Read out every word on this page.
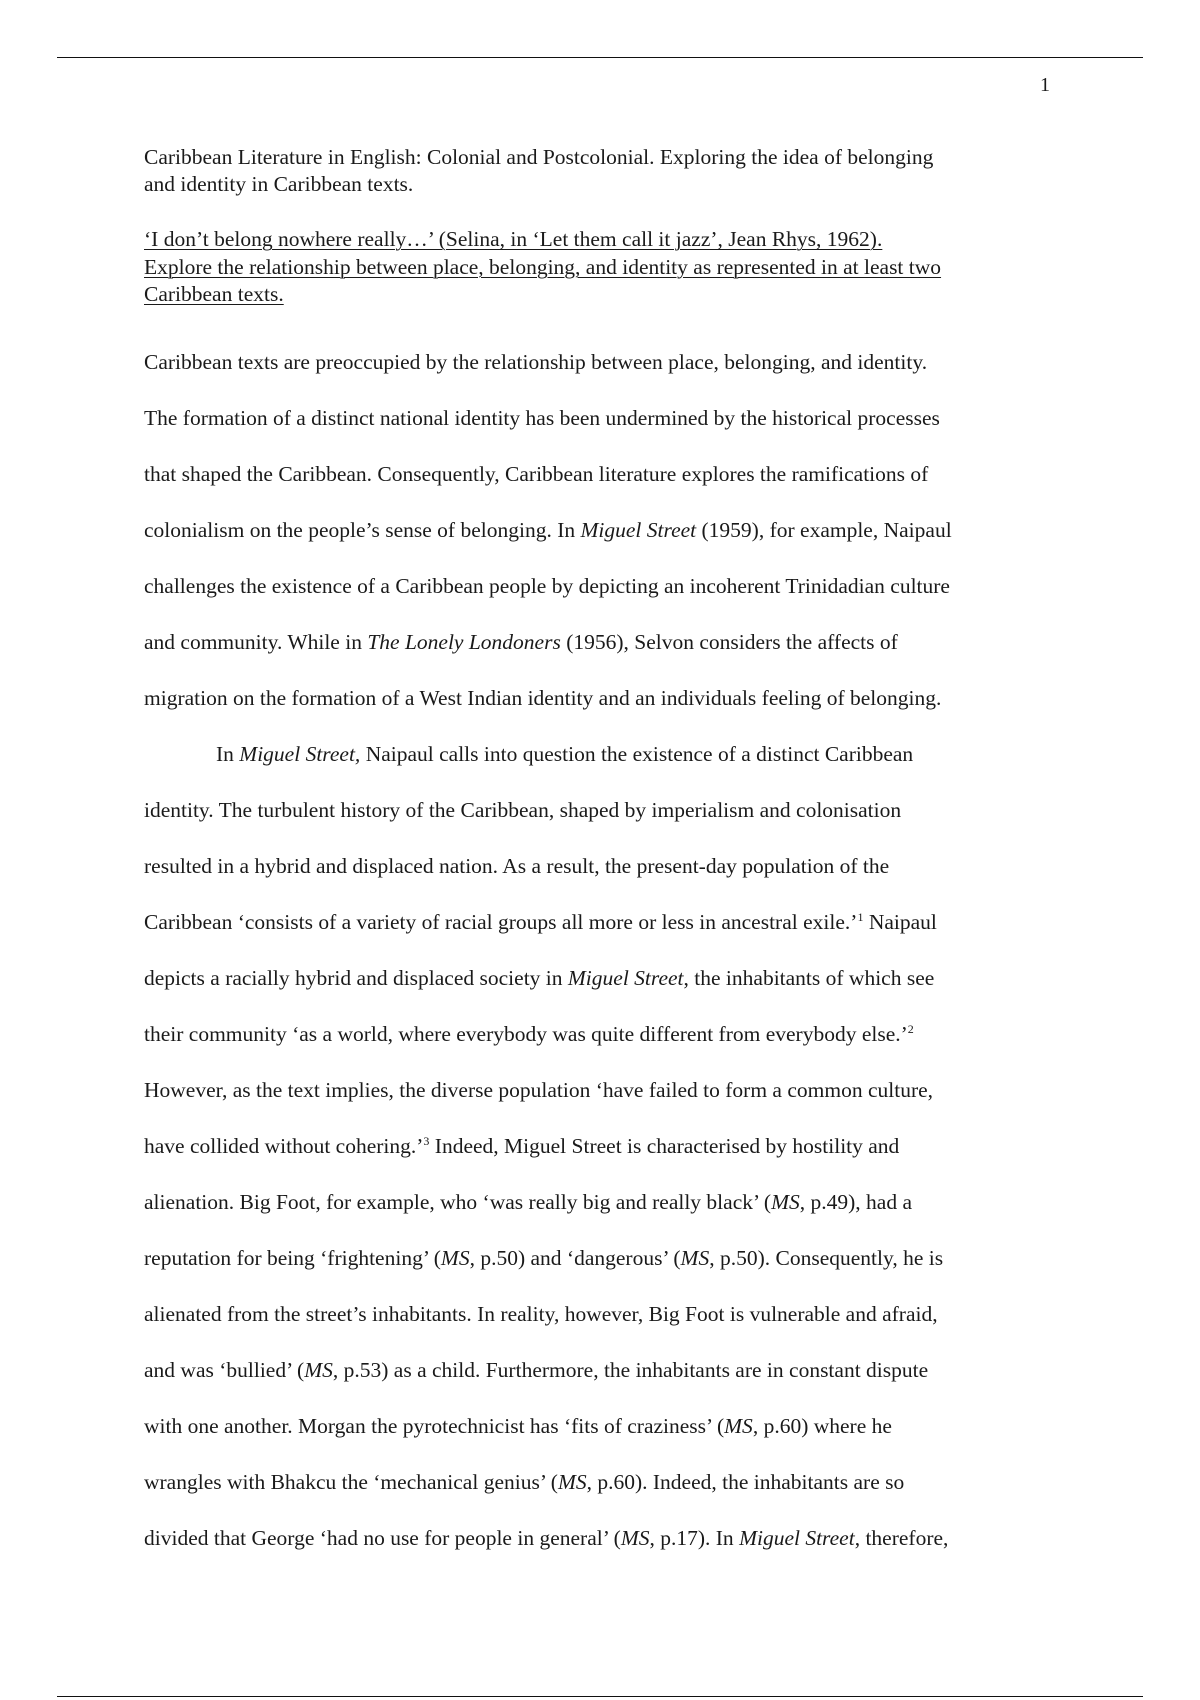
1

Caribbean Literature in English: Colonial and Postcolonial. Exploring the idea of belonging
and identity in Caribbean texts.

‘I don’t belong nowhere really…’ (Selina, in ‘Let them call it jazz’, Jean Rhys, 1962).
Explore the relationship between place, belonging, and identity as represented in at least two
Caribbean texts.

Caribbean texts are preoccupied by the relationship between place, belonging, and identity.
The formation of a distinct national identity has been undermined by the historical processes
that shaped the Caribbean. Consequently, Caribbean literature explores the ramifications of
colonialism on the people’s sense of belonging. In Miguel Street (1959), for example, Naipaul
challenges the existence of a Caribbean people by depicting an incoherent Trinidadian culture
and community. While in The Lonely Londoners (1956), Selvon considers the affects of
migration on the formation of a West Indian identity and an individuals feeling of belonging.
In Miguel Street, Naipaul calls into question the existence of a distinct Caribbean
identity. The turbulent history of the Caribbean, shaped by imperialism and colonisation
resulted in a hybrid and displaced nation. As a result, the present-day population of the
Caribbean ‘consists of a variety of racial groups all more or less in ancestral exile.’$^1$ Naipaul
depicts a racially hybrid and displaced society in Miguel Street, the inhabitants of which see
their community ‘as a world, where everybody was quite different from everybody else.’$^2$
However, as the text implies, the diverse population ‘have failed to form a common culture,
have collided without cohering.’$^3$ Indeed, Miguel Street is characterised by hostility and
alienation. Big Foot, for example, who ‘was really big and really black’ (MS, p.49), had a
reputation for being ‘frightening’ (MS, p.50) and ‘dangerous’ (MS, p.50). Consequently, he is
alienated from the street’s inhabitants. In reality, however, Big Foot is vulnerable and afraid,
and was ‘bullied’ (MS, p.53) as a child. Furthermore, the inhabitants are in constant dispute
with one another. Morgan the pyrotechnicist has ‘fits of craziness’ (MS, p.60) where he
wrangles with Bhakcu the ‘mechanical genius’ (MS, p.60). Indeed, the inhabitants are so
divided that George ‘had no use for people in general’ (MS, p.17). In Miguel Street, therefore,
